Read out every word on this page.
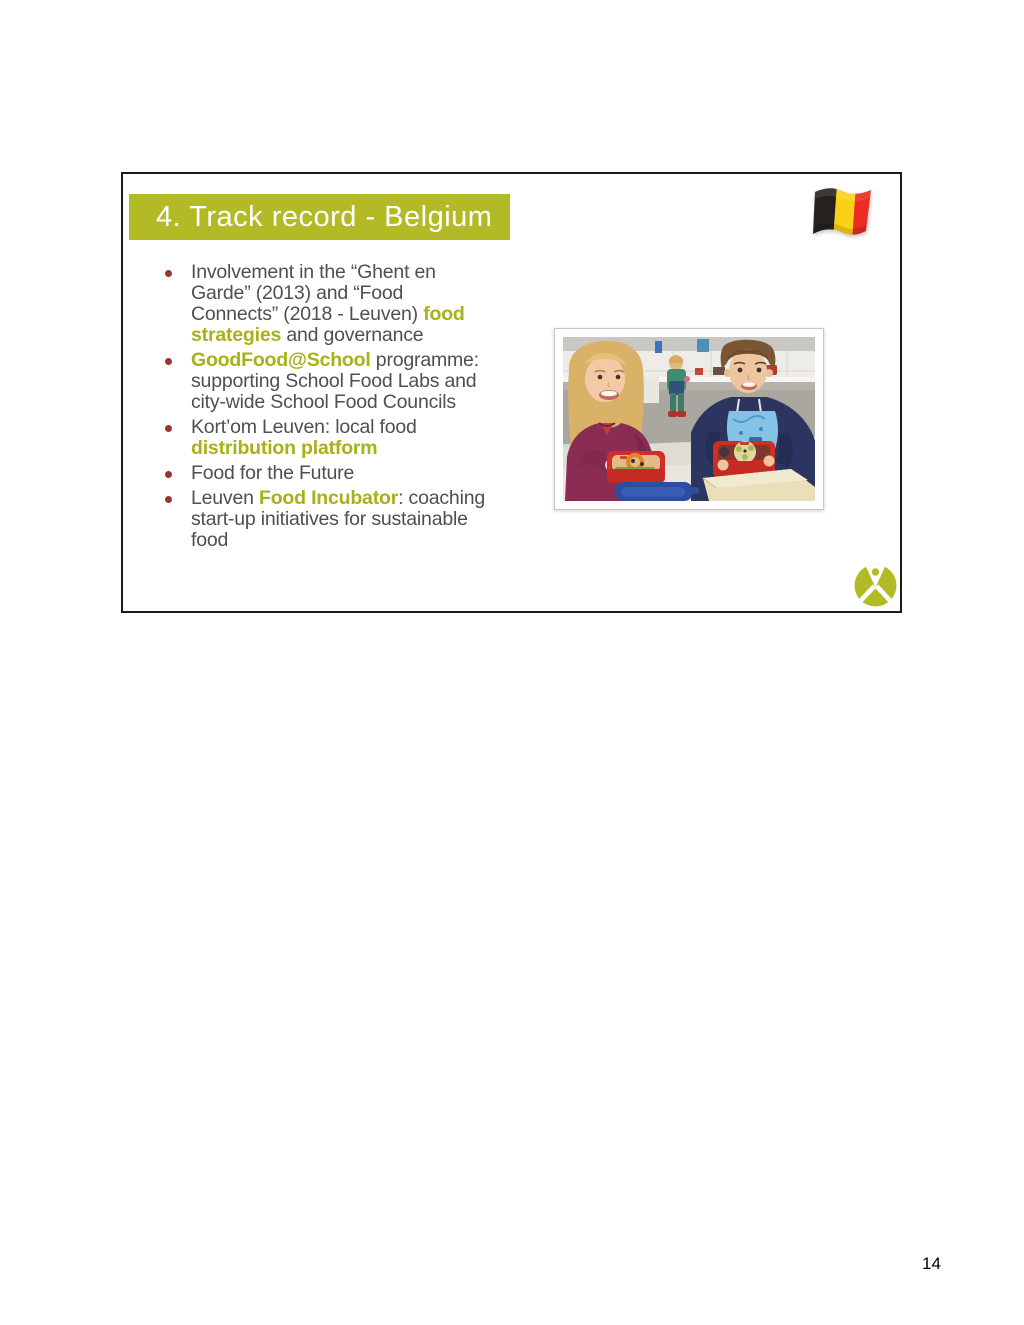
4. Track record - Belgium
Involvement in the “Ghent en
Garde” (2013) and “Food
Connects” (2018 - Leuven) food
strategies and governance
GoodFood@School programme:
supporting School Food Labs and
city-wide School Food Councils
Kort’om Leuven: local food
distribution platform
Food for the Future
Leuven Food Incubator: coaching
start-up initiatives for sustainable
food
14
